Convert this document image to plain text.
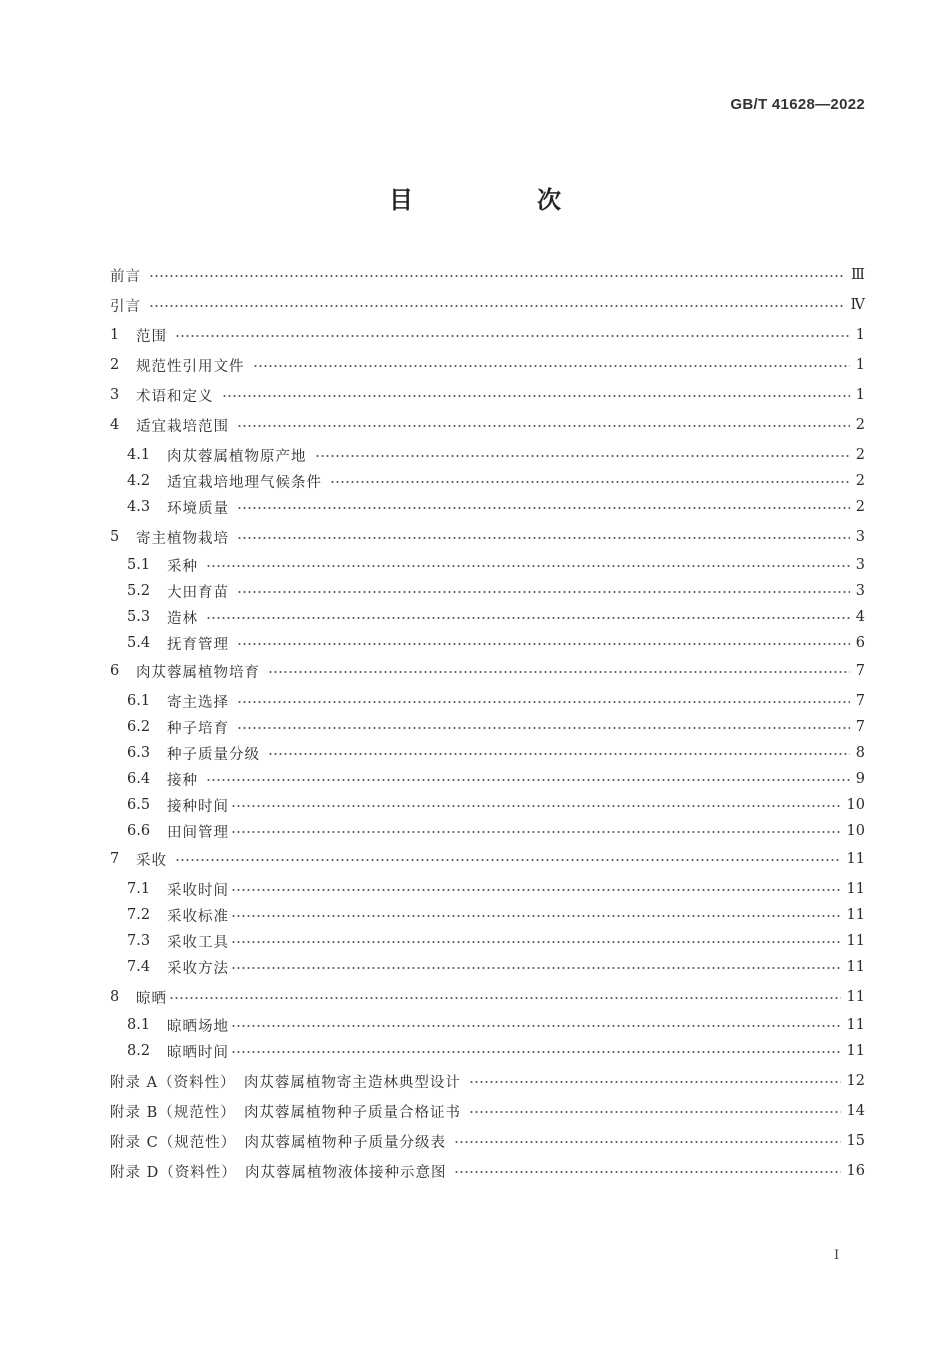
GB/T 41628—2022
目　次
前言	Ⅲ
引言	Ⅳ
1	范围	1
2	规范性引用文件	1
3	术语和定义	1
4	适宜栽培范围	2
4.1	肉苁蓉属植物原产地	2
4.2	适宜栽培地理气候条件	2
4.3	环境质量	2
5	寄主植物栽培	3
5.1	采种	3
5.2	大田育苗	3
5.3	造林	4
5.4	抚育管理	6
6	肉苁蓉属植物培育	7
6.1	寄主选择	7
6.2	种子培育	7
6.3	种子质量分级	8
6.4	接种	9
6.5	接种时间	10
6.6	田间管理	10
7	采收	11
7.1	采收时间	11
7.2	采收标准	11
7.3	采收工具	11
7.4	采收方法	11
8	晾晒	11
8.1	晾晒场地	11
8.2	晾晒时间	11
附录 A（资料性）　肉苁蓉属植物寄主造林典型设计	12
附录 B（规范性）　肉苁蓉属植物种子质量合格证书	14
附录 C（规范性）　肉苁蓉属植物种子质量分级表	15
附录 D（资料性）　肉苁蓉属植物液体接种示意图	16
I
